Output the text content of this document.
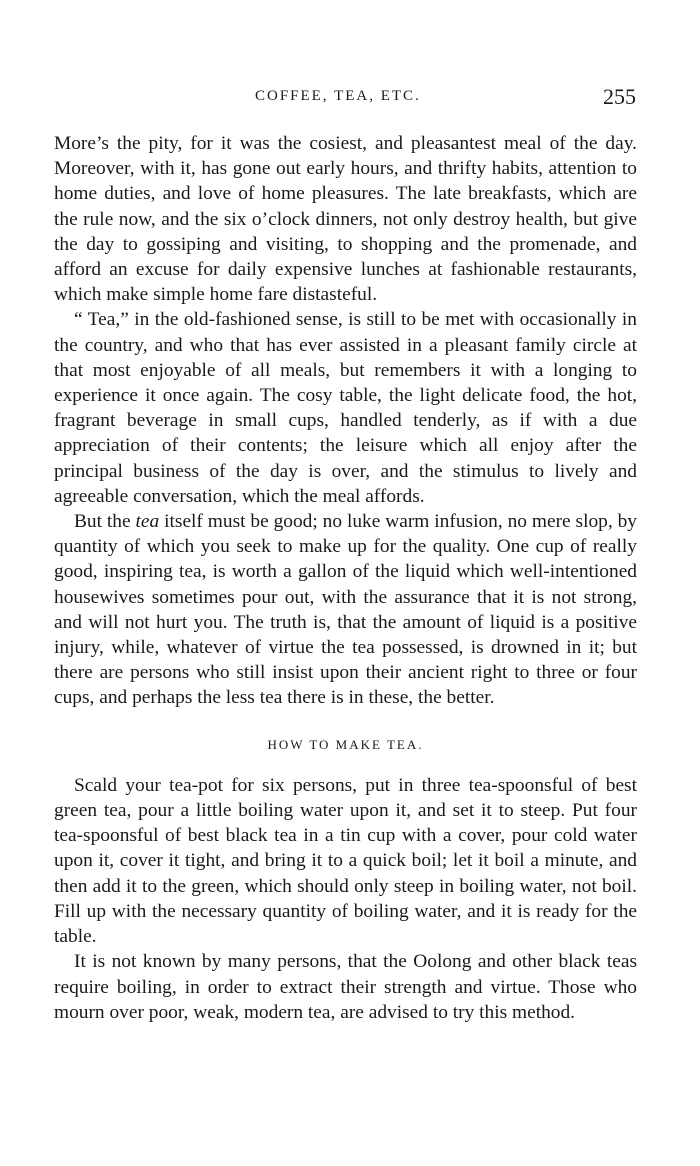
COFFEE, TEA, ETC.	255

More’s the pity, for it was the cosiest, and pleasantest meal of the day. Moreover, with it, has gone out early hours, and thrifty habits, attention to home duties, and love of home pleasures. The late breakfasts, which are the rule now, and the six o’clock dinners, not only destroy health, but give the day to gossiping and visiting, to shopping and the promenade, and afford an excuse for daily expensive lunches at fashionable restaurants, which make simple home fare distasteful.

“ Tea,” in the old-fashioned sense, is still to be met with occasionally in the country, and who that has ever assisted in a pleasant family circle at that most enjoyable of all meals, but remembers it with a longing to experience it once again. The cosy table, the light delicate food, the hot, fragrant beverage in small cups, handled tenderly, as if with a due appreciation of their contents; the leisure which all enjoy after the principal business of the day is over, and the stimulus to lively and agreeable conversation, which the meal affords.

But the tea itself must be good; no luke warm infusion, no mere slop, by quantity of which you seek to make up for the quality. One cup of really good, inspiring tea, is worth a gallon of the liquid which well-intentioned housewives sometimes pour out, with the assurance that it is not strong, and will not hurt you. The truth is, that the amount of liquid is a positive injury, while, whatever of virtue the tea possessed, is drowned in it; but there are persons who still insist upon their ancient right to three or four cups, and perhaps the less tea there is in these, the better.

HOW TO MAKE TEA.

Scald your tea-pot for six persons, put in three tea-spoonsful of best green tea, pour a little boiling water upon it, and set it to steep. Put four tea-spoonsful of best black tea in a tin cup with a cover, pour cold water upon it, cover it tight, and bring it to a quick boil; let it boil a minute, and then add it to the green, which should only steep in boiling water, not boil. Fill up with the necessary quantity of boiling water, and it is ready for the table.

It is not known by many persons, that the Oolong and other black teas require boiling, in order to extract their strength and virtue. Those who mourn over poor, weak, modern tea, are advised to try this method.
